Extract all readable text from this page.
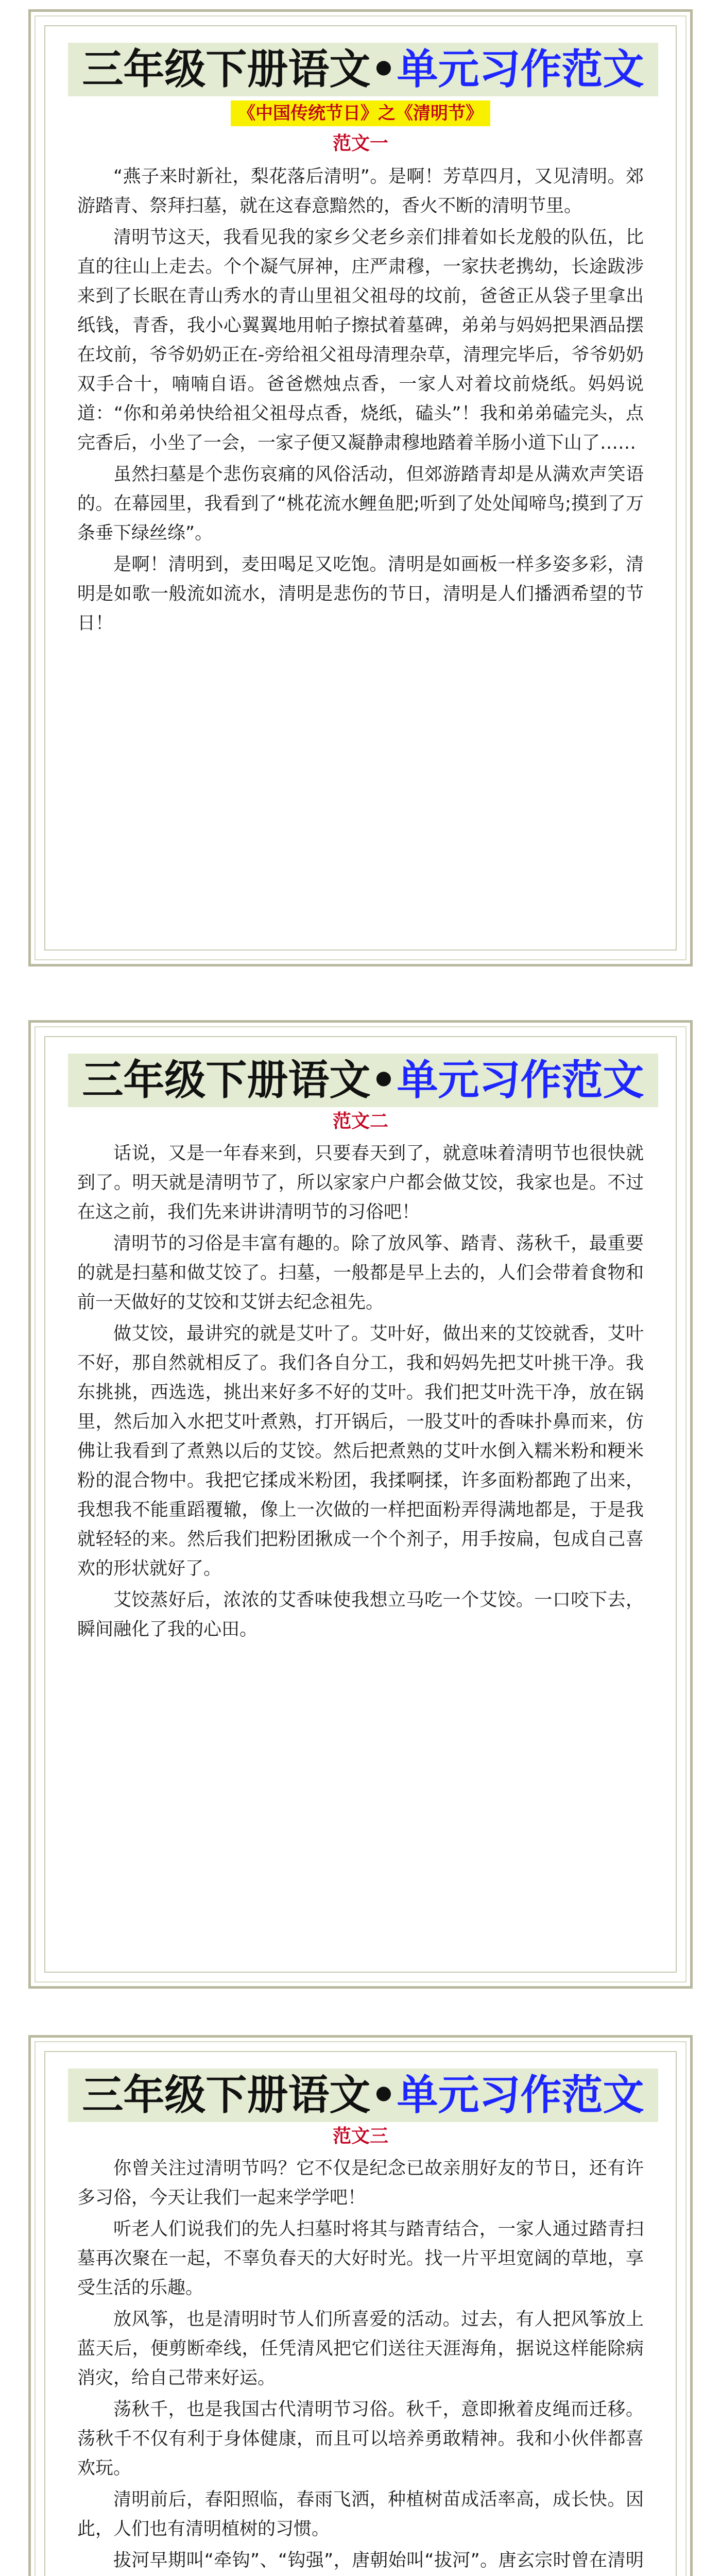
三年级下册语文•单元习作范文
《中国传统节日》之《清明节》
范文一

“燕子来时新社，梨花落后清明”。是啊！芳草四月，又见清明。郊游踏青、祭拜扫墓，就在这春意黯然的，香火不断的清明节里。

清明节这天，我看见我的家乡父老乡亲们排着如长龙般的队伍，比直的往山上走去。个个凝气屏神，庄严肃穆，一家扶老携幼，长途跋涉来到了长眠在青山秀水的青山里祖父祖母的坟前，爸爸正从袋子里拿出纸钱，青香，我小心翼翼地用帕子擦拭着墓碑，弟弟与妈妈把果酒品摆在坟前，爷爷奶奶正在-旁给祖父祖母清理杂草，清理完毕后，爷爷奶奶双手合十，喃喃自语。爸爸燃烛点香，一家人对着坟前烧纸。妈妈说道：“你和弟弟快给祖父祖母点香，烧纸，磕头”！我和弟弟磕完头，点完香后，小坐了一会，一家子便又凝静肃穆地踏着羊肠小道下山了……

虽然扫墓是个悲伤哀痛的风俗活动，但郊游踏青却是从满欢声笑语的。在幕园里，我看到了“桃花流水鲤鱼肥;听到了处处闻啼鸟;摸到了万条垂下绿丝绦”。

是啊！清明到，麦田喝足又吃饱。清明是如画板一样多姿多彩，清明是如歌一般流如流水，清明是悲伤的节日，清明是人们播洒希望的节日！

三年级下册语文•单元习作范文
范文二

话说，又是一年春来到，只要春天到了，就意味着清明节也很快就到了。明天就是清明节了，所以家家户户都会做艾饺，我家也是。不过在这之前，我们先来讲讲清明节的习俗吧！

清明节的习俗是丰富有趣的。除了放风筝、踏青、荡秋千，最重要的就是扫墓和做艾饺了。扫墓，一般都是早上去的，人们会带着食物和前一天做好的艾饺和艾饼去纪念祖先。

做艾饺，最讲究的就是艾叶了。艾叶好，做出来的艾饺就香，艾叶不好，那自然就相反了。我们各自分工，我和妈妈先把艾叶挑干净。我东挑挑，西选选，挑出来好多不好的艾叶。我们把艾叶洗干净，放在锅里，然后加入水把艾叶煮熟，打开锅后，一股艾叶的香味扑鼻而来，仿佛让我看到了煮熟以后的艾饺。然后把煮熟的艾叶水倒入糯米粉和粳米粉的混合物中。我把它揉成米粉团，我揉啊揉，许多面粉都跑了出来，我想我不能重蹈覆辙，像上一次做的一样把面粉弄得满地都是，于是我就轻轻的来。然后我们把粉团揪成一个个剂子，用手按扁，包成自己喜欢的形状就好了。

艾饺蒸好后，浓浓的艾香味使我想立马吃一个艾饺。一口咬下去，瞬间融化了我的心田。

三年级下册语文•单元习作范文
范文三

你曾关注过清明节吗？它不仅是纪念已故亲朋好友的节日，还有许多习俗，今天让我们一起来学学吧！

听老人们说我们的先人扫墓时将其与踏青结合，一家人通过踏青扫墓再次聚在一起，不辜负春天的大好时光。找一片平坦宽阔的草地，享受生活的乐趣。

放风筝，也是清明时节人们所喜爱的活动。过去，有人把风筝放上蓝天后，便剪断牵线，任凭清风把它们送往天涯海角，据说这样能除病消灾，给自己带来好运。

荡秋千，也是我国古代清明节习俗。秋千，意即揪着皮绳而迁移。荡秋千不仅有利于身体健康，而且可以培养勇敢精神。我和小伙伴都喜欢玩。

清明前后，春阳照临，春雨飞洒，种植树苗成活率高，成长快。因此，人们也有清明植树的习惯。

拔河早期叫“牵钩”、“钩强”，唐朝始叫“拔河”。唐玄宗时曾在清明
